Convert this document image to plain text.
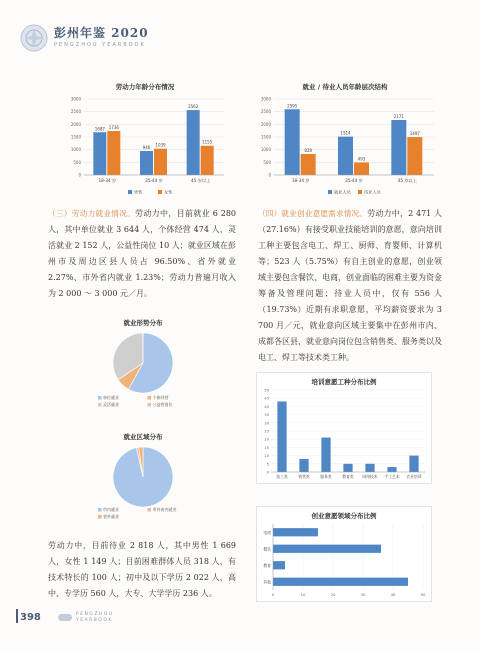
彭州年鉴 2020
PENGZHOU YEARBOOK
劳动力年龄分布情况
0
500
1000
1500
2000
2500
3000
1687 1736
18-34 岁
946 1039
35-44 岁
2562
1155
45 岁以上
男性	女性
就业 / 待业人员年龄层次结构
0
500
1000
1500
2000
2500
3000
2595
828
18-34 岁
1514
493
35-44 岁
2171
1497
45 岁以上
就业人员	待业人员
（三）劳动力就业情况。劳动力中，目前就业 6 280 人，其中单位就业 3 644 人，个体经营 474 人，灵活就业 2 152 人，公益性岗位 10 人；就业区域在彭州市及周边区县人员占 96.50%、省外就业 2.27%、市外省内就业 1.23%；劳动力普遍月收入为 2 000 ～ 3 000 元／月。
（四）就业创业意愿需求情况。劳动力中，2 471 人（27.16%）有接受职业技能培训的意愿，意向培训工种主要包含电工、焊工、厨师、育婴师、计算机等；523 人（5.75%）有自主创业的意愿，创业领域主要包含餐饮、电商，创业面临的困难主要为资金筹备及管理问题；待业人员中，仅有 556 人（19.73%）近期有求职意愿，平均薪资要求为 3 700 月／元，就业意向区域主要集中在彭州市内、成都各区县，就业意向岗位包含销售类、服务类以及电工、焊工等技术类工种。
就业形势分布
单位就业	个体经营
灵活就业	公益性岗位
就业区域分布
市内就业	市外省内就业
省外就业
培训意愿工种分布比例
0
5
10
15
20
25
30
35
40
45
50
技工类	销售类	服务类	教育类 网络技术 手工艺术 农业培训
创业意愿领域分布比例
0	10	20	30	40	50
电商
餐饮
教育
其他
劳动力中，目前待业 2 818 人，其中男性 1 669 人，女性 1 149 人；目前困难群体人员 318 人，有技术特长的 100 人；初中及以下学历 2 022 人，高中、专学历 560 人，大专、大学学历 236 人。
398	PENGZHOU
YEARBOOK
